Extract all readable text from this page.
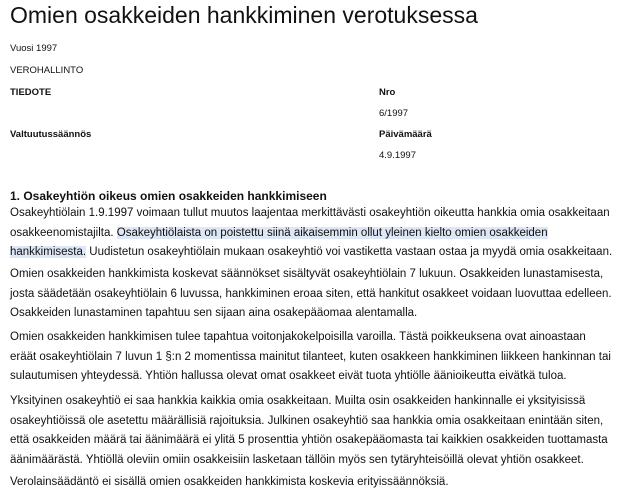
Omien osakkeiden hankkiminen verotuksessa
Vuosi 1997
VEROHALLINTO
TIEDOTE	Nro
6/1997
Valtuutussäännös	Päivämäärä
4.9.1997
1. Osakeyhtiön oikeus omien osakkeiden hankkimiseen

Osakeyhtiölain 1.9.1997 voimaan tullut muutos laajentaa merkittävästi osakeyhtiön oikeutta hankkia omia osakkeitaan
osakkeenomistajilta. Osakeyhtiölaista on poistettu siinä aikaisemmin ollut yleinen kielto omien osakkeiden
hankkimisesta. Uudistetun osakeyhtiölain mukaan osakeyhtiö voi vastiketta vastaan ostaa ja myydä omia osakkeitaan.

Omien osakkeiden hankkimista koskevat säännökset sisältyvät osakeyhtiölain 7 lukuun. Osakkeiden lunastamisesta,
josta säädetään osakeyhtiölain 6 luvussa, hankkiminen eroaa siten, että hankitut osakkeet voidaan luovuttaa edelleen.
Osakkeiden lunastaminen tapahtuu sen sijaan aina osakepääomaa alentamalla.

Omien osakkeiden hankkimisen tulee tapahtua voitonjakokelpoisilla varoilla. Tästä poikkeuksena ovat ainoastaan
eräät osakeyhtiölain 7 luvun 1 §:n 2 momentissa mainitut tilanteet, kuten osakkeen hankkiminen liikkeen hankinnan tai
sulautumisen yhteydessä. Yhtiön hallussa olevat omat osakkeet eivät tuota yhtiölle äänioikeutta eivätkä tuloa.

Yksityinen osakeyhtiö ei saa hankkia kaikkia omia osakkeitaan. Muilta osin osakkeiden hankinnalle ei yksityisissä
osakeyhtiöissä ole asetettu määrällisiä rajoituksia. Julkinen osakeyhtiö saa hankkia omia osakkeitaan enintään siten,
että osakkeiden määrä tai äänimäärä ei ylitä 5 prosenttia yhtiön osakepääomasta tai kaikkien osakkeiden tuottamasta
äänimäärästä. Yhtiöllä oleviin omiin osakkeisiin lasketaan tällöin myös sen tytäryhteisöillä olevat yhtiön osakkeet.

Verolainsäädäntö ei sisällä omien osakkeiden hankkimista koskevia erityissäännöksiä.
